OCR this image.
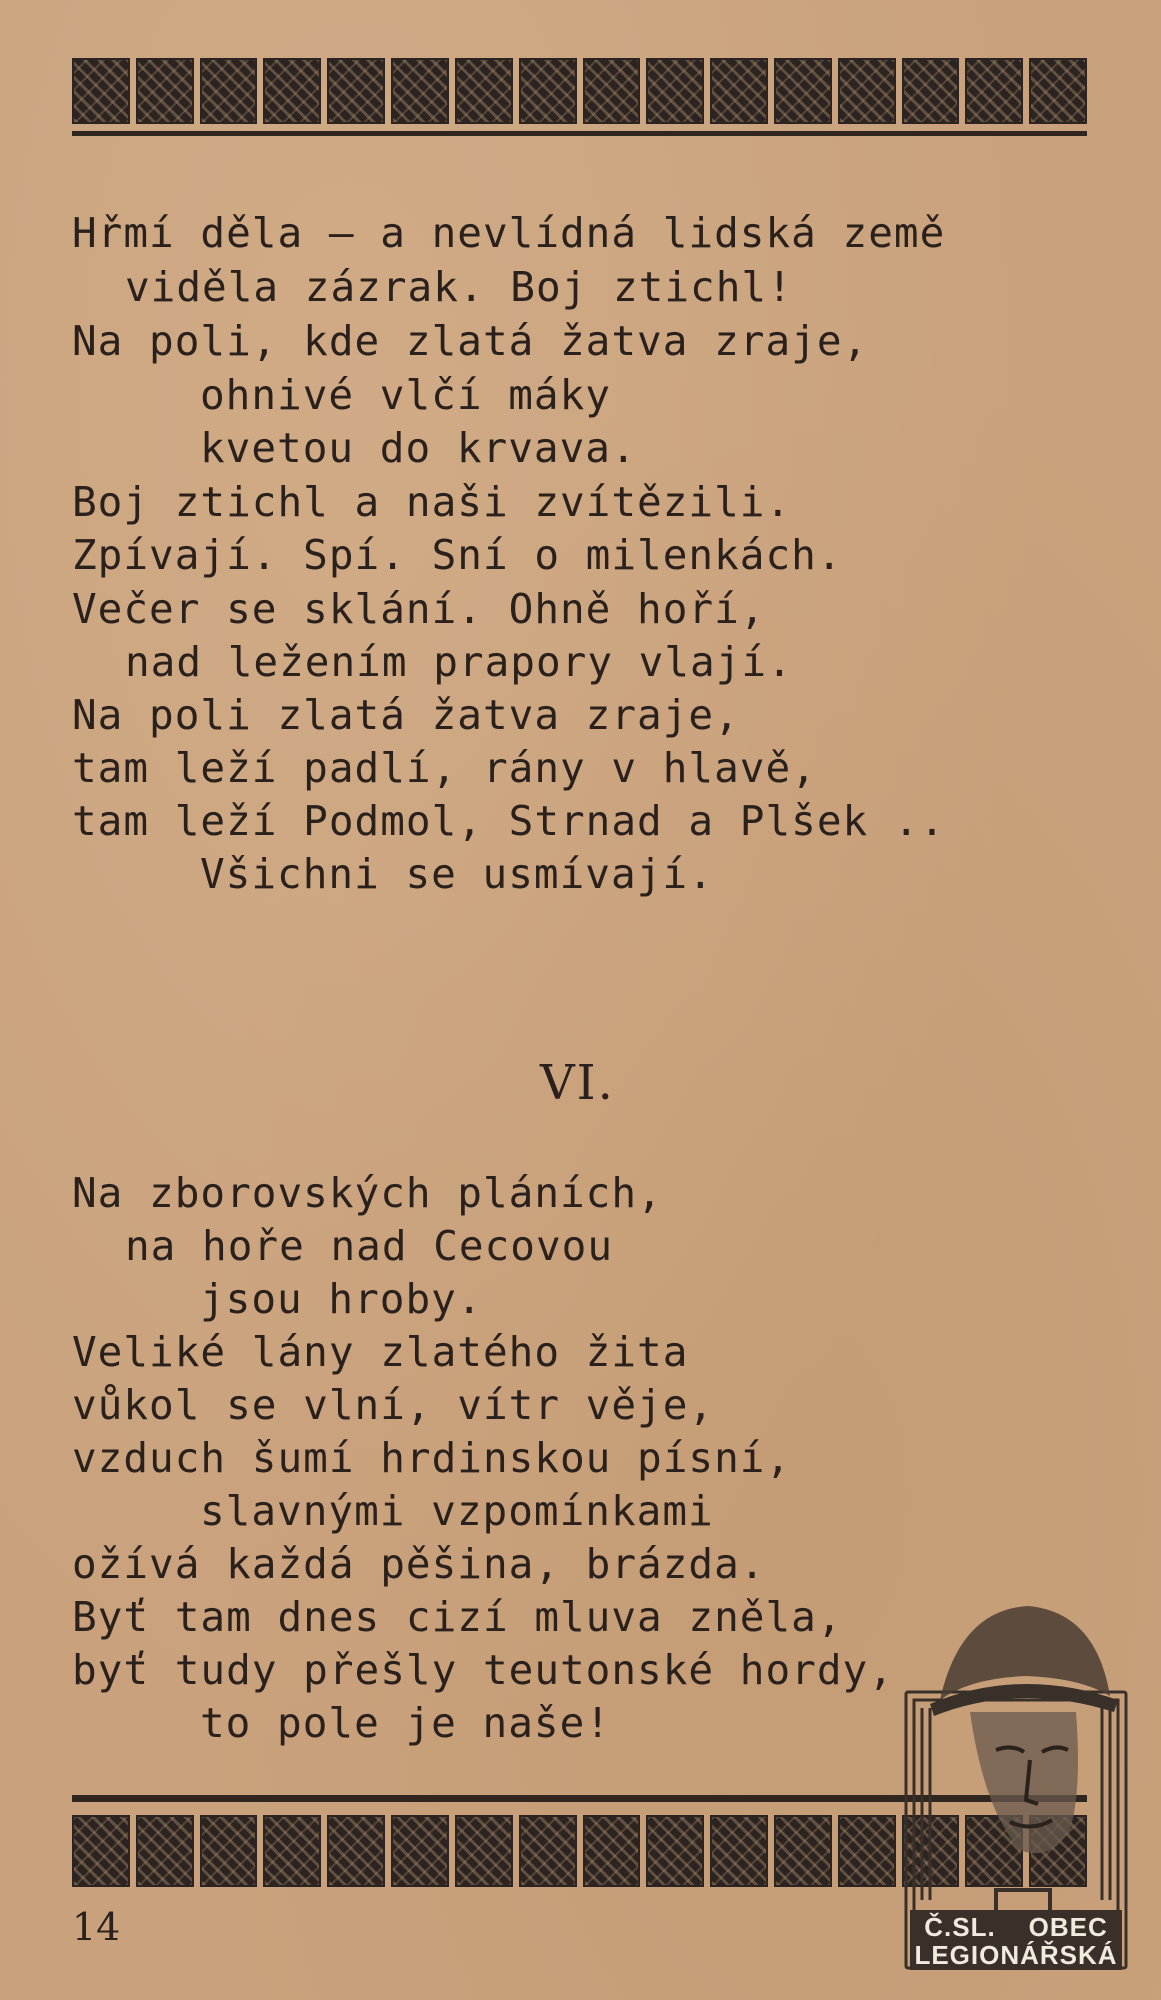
Hřmí děla — a nevlídná lidská země
viděla zázrak. Boj ztichl!
Na poli, kde zlatá žatva zraje,
ohnivé vlčí máky
kvetou do krvava.
Boj ztichl a naši zvítězili.
Zpívají. Spí. Sní o milenkách.
Večer se sklání. Ohně hoří,
nad ležením prapory vlají.
Na poli zlatá žatva zraje,
tam leží padlí, rány v hlavě,
tam leží Podmol, Strnad a Plšek ..
Všichni se usmívají.
VI.
Na zborovských pláních,
na hoře nad Cecovou
jsou hroby.
Veliké lány zlatého žita
vůkol se vlní, vítr věje,
vzduch šumí hrdinskou písní,
slavnými vzpomínkami
ožívá každá pěšina, brázda.
Byť tam dnes cizí mluva zněla,
byť tudy přešly teutonské hordy,
to pole je naše!
14	Č.SL. OBEC
LEGIONÁŘSKÁ
